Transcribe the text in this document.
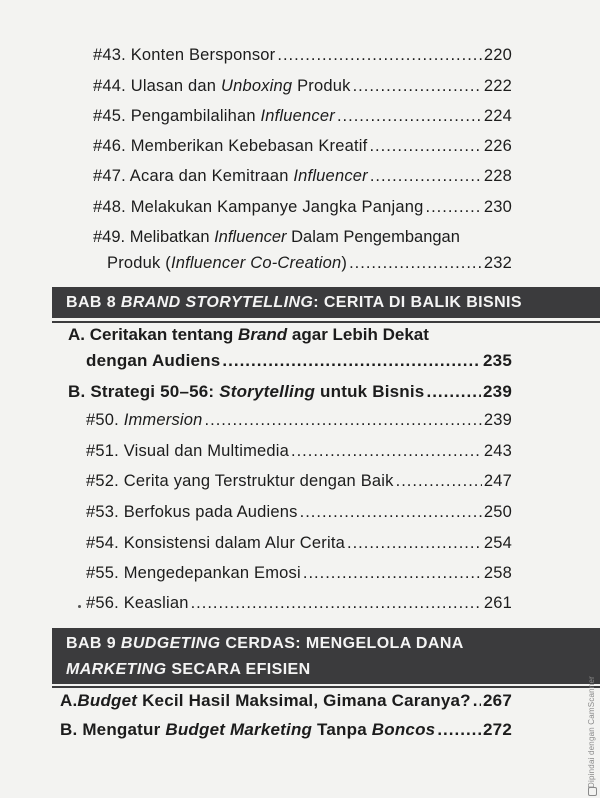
#43. Konten Bersponsor .....	220
#44. Ulasan dan Unboxing Produk .....	222
#45. Pengambilalihan Influencer .....	224
#46. Memberikan Kebebasan Kreatif .....	226
#47. Acara dan Kemitraan Influencer .....	228
#48. Melakukan Kampanye Jangka Panjang .....	230
#49. Melibatkan Influencer Dalam Pengembangan
Produk (Influencer Co-Creation) .....	232
BAB 8 BRAND STORYTELLING: CERITA DI BALIK BISNIS
A. Ceritakan tentang Brand agar Lebih Dekat
dengan Audiens .....	235
B. Strategi 50–56: Storytelling untuk Bisnis .....	239
#50. Immersion .....	239
#51. Visual dan Multimedia .....	243
#52. Cerita yang Terstruktur dengan Baik .....	247
#53. Berfokus pada Audiens .....	250
#54. Konsistensi dalam Alur Cerita .....	254
#55. Mengedepankan Emosi .....	258
#56. Keaslian .....	261
BAB 9 BUDGETING CERDAS: MENGELOLA DANA
MARKETING SECARA EFISIEN
A.Budget Kecil Hasil Maksimal, Gimana Caranya? ..... 267
B. Mengatur Budget Marketing Tanpa Boncos .....	272	Dipindai dengan CamScanner
